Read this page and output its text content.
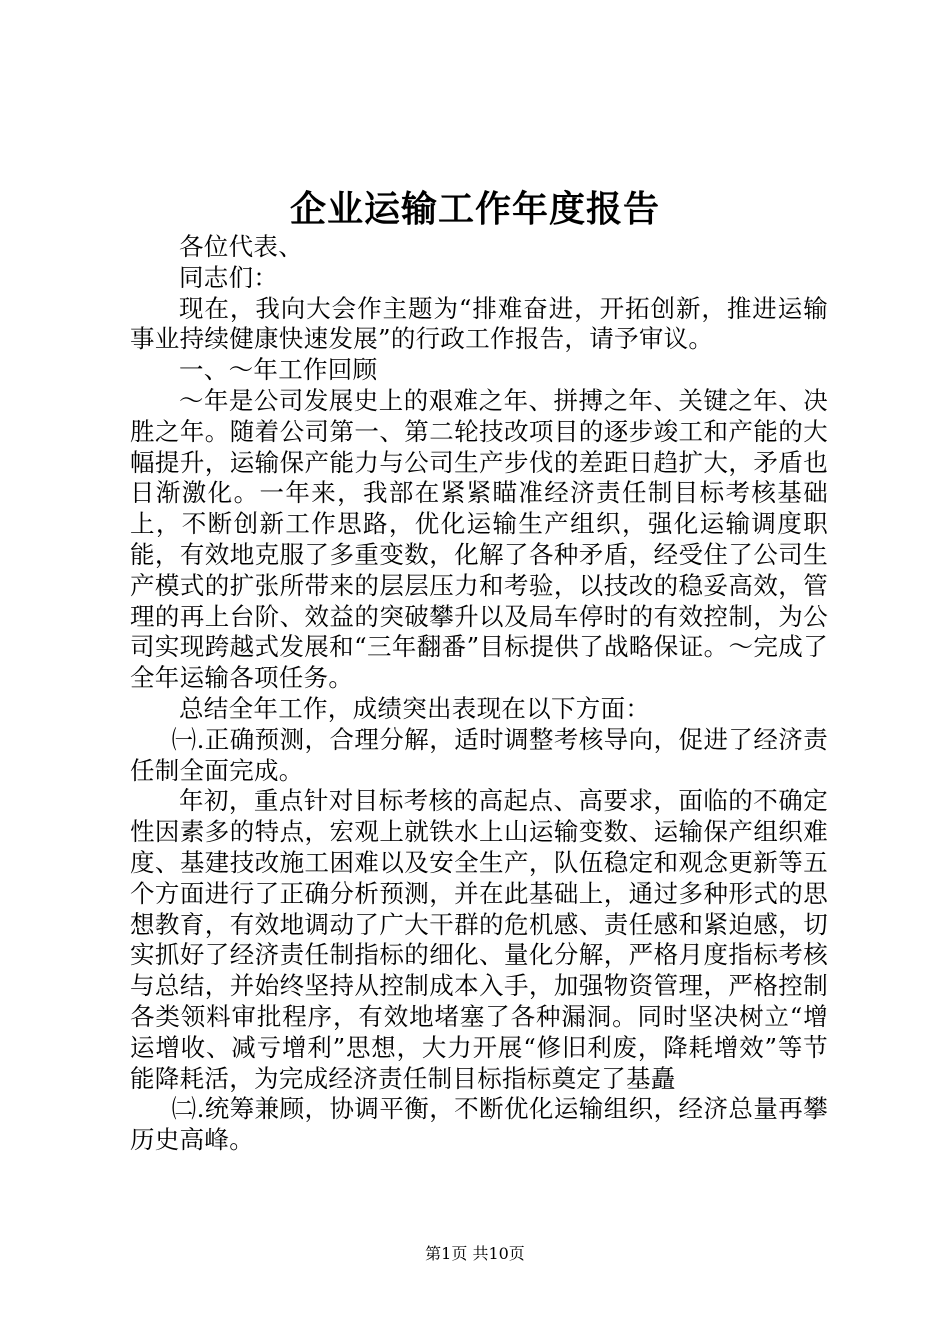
企业运输工作年度报告

各位代表、

同志们：

现在，我向大会作主题为“排难奋进，开拓创新，推进运输事业持续健康快速发展”的行政工作报告，请予审议。

一、～年工作回顾

～年是公司发展史上的艰难之年、拼搏之年、关键之年、决胜之年。随着公司第一、第二轮技改项目的逐步竣工和产能的大幅提升，运输保产能力与公司生产步伐的差距日趋扩大，矛盾也日渐激化。一年来，我部在紧紧瞄准经济责任制目标考核基础上，不断创新工作思路，优化运输生产组织，强化运输调度职能，有效地克服了多重变数，化解了各种矛盾，经受住了公司生产模式的扩张所带来的层层压力和考验，以技改的稳妥高效，管理的再上台阶、效益的突破攀升以及局车停时的有效控制，为公司实现跨越式发展和“三年翻番”目标提供了战略保证。～完成了全年运输各项任务。

总结全年工作，成绩突出表现在以下方面：

㈠.正确预测，合理分解，适时调整考核导向，促进了经济责任制全面完成。

年初，重点针对目标考核的高起点、高要求，面临的不确定性因素多的特点，宏观上就铁水上山运输变数、运输保产组织难度、基建技改施工困难以及安全生产，队伍稳定和观念更新等五个方面进行了正确分析预测，并在此基础上，通过多种形式的思想教育，有效地调动了广大干群的危机感、责任感和紧迫感，切实抓好了经济责任制指标的细化、量化分解，严格月度指标考核与总结，并始终坚持从控制成本入手，加强物资管理，严格控制各类领料审批程序，有效地堵塞了各种漏洞。同时坚决树立“增运增收、减亏增利”思想，大力开展“修旧利废，降耗增效”等节能降耗活，为完成经济责任制目标指标奠定了基矗

㈡.统筹兼顾，协调平衡，不断优化运输组织，经济总量再攀历史高峰。

第1页 共10页
